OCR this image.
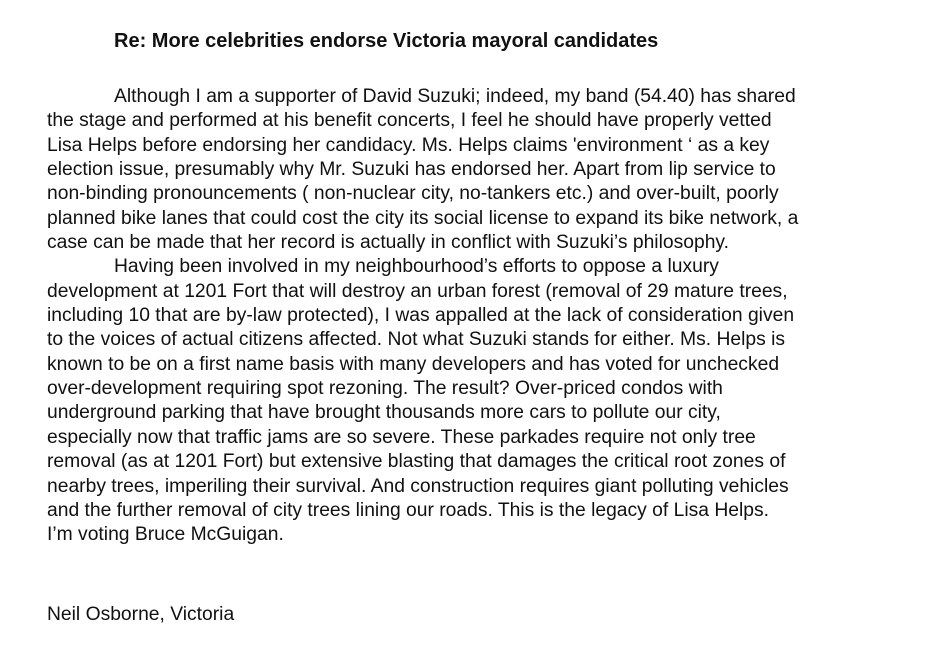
Re: More celebrities endorse Victoria mayoral candidates
Although I am a supporter of David Suzuki; indeed, my band (54.40) has shared
the stage and performed at his benefit concerts, I feel he should have properly vetted
Lisa Helps before endorsing her candidacy. Ms. Helps claims 'environment ‘ as a key
election issue, presumably why Mr. Suzuki has endorsed her. Apart from lip service to
non-binding pronouncements ( non-nuclear city, no-tankers etc.) and over-built, poorly
planned bike lanes that could cost the city its social license to expand its bike network, a
case can be made that her record is actually in conflict with Suzuki’s philosophy.
Having been involved in my neighbourhood’s efforts to oppose a luxury
development at 1201 Fort that will destroy an urban forest (removal of 29 mature trees,
including 10 that are by-law protected), I was appalled at the lack of consideration given
to the voices of actual citizens affected. Not what Suzuki stands for either. Ms. Helps is
known to be on a first name basis with many developers and has voted for unchecked
over-development requiring spot rezoning. The result? Over-priced condos with
underground parking that have brought thousands more cars to pollute our city,
especially now that traffic jams are so severe. These parkades require not only tree
removal (as at 1201 Fort) but extensive blasting that damages the critical root zones of
nearby trees, imperiling their survival. And construction requires giant polluting vehicles
and the further removal of city trees lining our roads. This is the legacy of Lisa Helps.
I’m voting Bruce McGuigan.
Neil Osborne, Victoria
